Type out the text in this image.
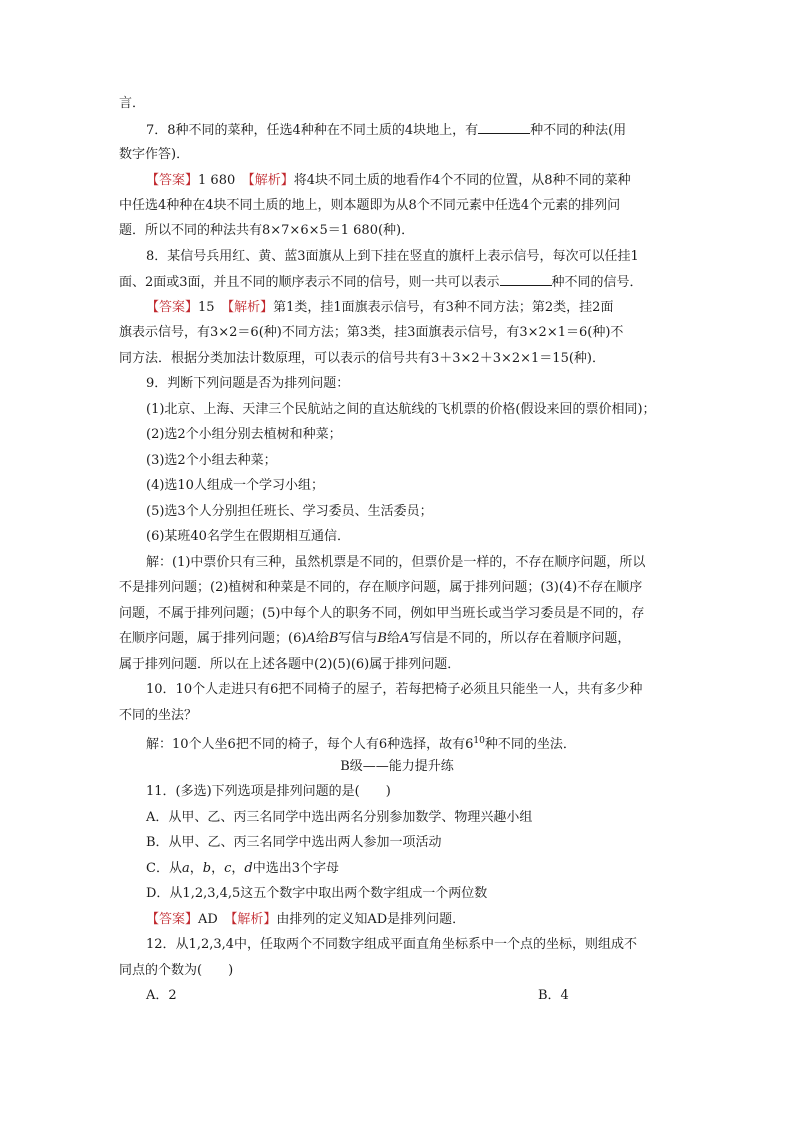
言．
7．8种不同的菜种，任选4种种在不同土质的4块地上，有	种不同的种法(用
数字作答)．
【答案】1 680　 【解析】将4块不同土质的地看作4个不同的位置，从8种不同的菜种
中任选4种种在4块不同土质的地上，则本题即为从8个不同元素中任选4个元素的排列问
题．所以不同的种法共有8×7×6×5＝1 680(种)．
8．某信号兵用红、黄、蓝3面旗从上到下挂在竖直的旗杆上表示信号，每次可以任挂1
面、2面或3面，并且不同的顺序表示不同的信号，则一共可以表示	种不同的信号．
【答案】15　 【解析】第1类，挂1面旗表示信号，有3种不同方法；第2类，挂2面
旗表示信号，有3×2＝6(种)不同方法；第3类，挂3面旗表示信号，有3×2×1＝6(种)不
同方法．根据分类加法计数原理，可以表示的信号共有3＋3×2＋3×2×1＝15(种)．
9．判断下列问题是否为排列问题：
(1)北京、上海、天津三个民航站之间的直达航线的飞机票的价格(假设来回的票价相同)；
(2)选2个小组分别去植树和种菜；
(3)选2个小组去种菜；
(4)选10人组成一个学习小组；
(5)选3个人分别担任班长、学习委员、生活委员；
(6)某班40名学生在假期相互通信．
解：(1)中票价只有三种，虽然机票是不同的，但票价是一样的，不存在顺序问题，所以
不是排列问题；(2)植树和种菜是不同的，存在顺序问题，属于排列问题；(3)(4)不存在顺序
问题，不属于排列问题；(5)中每个人的职务不同，例如甲当班长或当学习委员是不同的，存
在顺序问题，属于排列问题；(6)A给B写信与B给A写信是不同的，所以存在着顺序问题，
属于排列问题．所以在上述各题中(2)(5)(6)属于排列问题．
10．10个人走进只有6把不同椅子的屋子，若每把椅子必须且只能坐一人，共有多少种
不同的坐法？
解：10个人坐6把不同的椅子，每个人有6种选择，故有$6^{10}$种不同的坐法．
B级——能力提升练
11．(多选)下列选项是排列问题的是(　　)
A．从甲、乙、丙三名同学中选出两名分别参加数学、物理兴趣小组
B．从甲、乙、丙三名同学中选出两人参加一项活动
C．从a，b，c，d中选出3个字母
D．从1,2,3,4,5这五个数字中取出两个数字组成一个两位数
【答案】AD　 【解析】由排列的定义知AD是排列问题．
12．从1,2,3,4中，任取两个不同数字组成平面直角坐标系中一个点的坐标，则组成不
同点的个数为(　　)
A．2	B．4
